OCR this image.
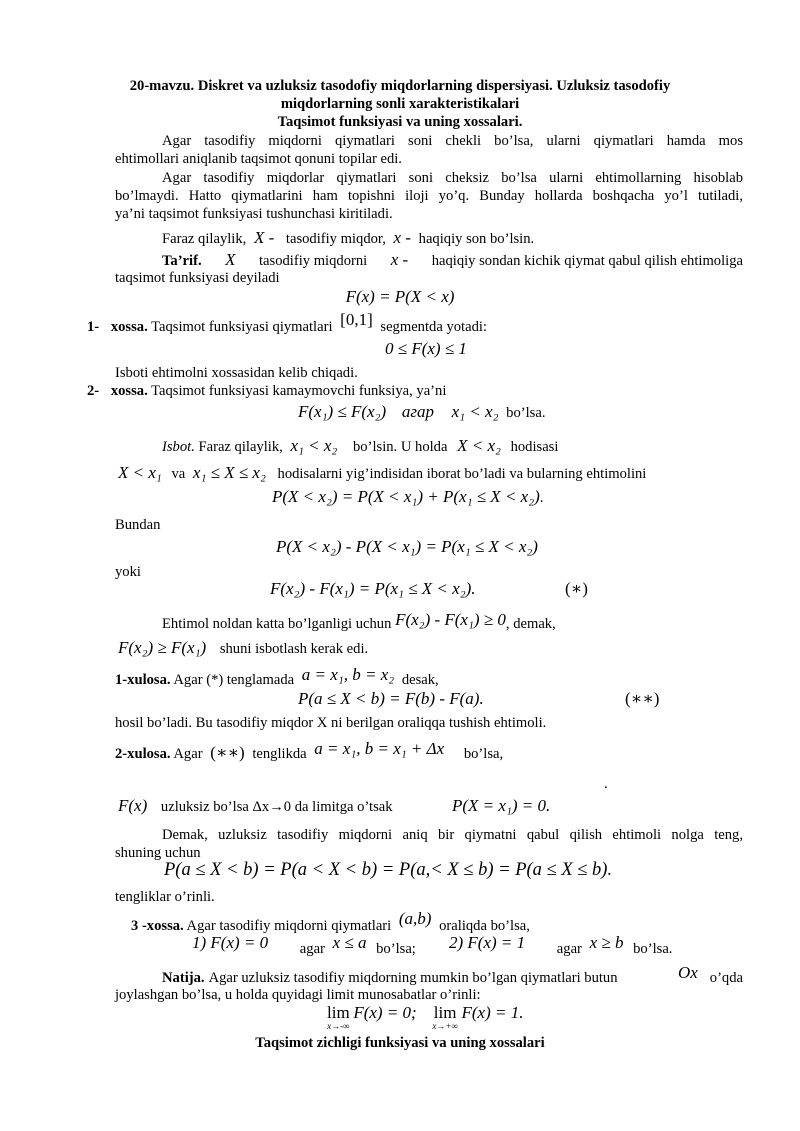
20-mavzu. Diskret va uzluksiz tasodofiy miqdorlarning dispersiyasi. Uzluksiz tasodofiy
miqdorlarning sonli xarakteristikalari
Taqsimot funksiyasi va uning xossalari.
Agar tasodifiy miqdorni qiymatlari soni chekli bo’lsa, ularni qiymatlari hamda mos
ehtimollari aniqlanib taqsimot qonuni topilar edi.
Agar tasodifiy miqdorlar qiymatlari soni cheksiz bo’lsa ularni ehtimollarning hisoblab
bo’lmaydi. Hatto qiymatlarini ham topishni iloji yo’q. Bunday hollarda boshqacha yo’l tutiladi,
ya’ni taqsimot funksiyasi tushunchasi kiritiladi.
Faraz qilaylik, X - tasodifiy miqdor, x - haqiqiy son bo’lsin.
Ta’rif. X tasodifiy miqdorni x - haqiqiy sondan kichik qiymat qabul qilish ehtimoliga
taqsimot funksiyasi deyiladi
F(x) = P(X < x)
1- xossa. Taqsimot funksiyasi qiymatlari [0,1] segmentda yotadi:
0 ≤ F(x) ≤ 1
Isboti ehtimolni xossasidan kelib chiqadi.
2- xossa. Taqsimot funksiyasi kamaymovchi funksiya, ya’ni
F(x₁) ≤ F(x₂) агар x₁ < x₂ bo’lsa.
Isbot. Faraz qilaylik, x₁ < x₂ bo’lsin. U holda X < x₂ hodisasi
X < x₁ va x₁ ≤ X ≤ x₂ hodisalarni yig’indisidan iborat bo’ladi va bularning ehtimolini
P(X < x₂) = P(X < x₁) + P(x₁ ≤ X < x₂).
Bundan
P(X < x₂) - P(X < x₁) = P(x₁ ≤ X < x₂)
yoki
F(x₂) - F(x₁) = P(x₁ ≤ X < x₂).	(∗)
Ehtimol noldan katta bo’lganligi uchun F(x₂) - F(x₁) ≥ 0, demak,
F(x₂) ≥ F(x₁) shuni isbotlash kerak edi.
1-xulosa. Agar (*) tenglamada a = x₁, b = x₂ desak,
P(a ≤ X < b) = F(b) - F(a).	(∗∗)
hosil bo’ladi. Bu tasodifiy miqdor X ni berilgan oraliqqa tushish ehtimoli.
2-xulosa. Agar (∗∗) tenglikda a = x₁, b = x₁ + Δx bo’lsa,
.
F(x) uzluksiz bo’lsa Δx→0 da limitga o’tsak	P(X = x₁) = 0.
Demak, uzluksiz tasodifiy miqdorni aniq bir qiymatni qabul qilish ehtimoli nolga teng,
shuning uchun
P(a ≤ X < b) = P(a < X < b) = P(a,< X ≤ b) = P(a ≤ X ≤ b).
tengliklar o’rinli.
3 -xossa. Agar tasodifiy miqdorni qiymatlari (a,b) oraliqda bo’lsa,
1) F(x) = 0 agar x ≤ a bo’lsa; 2) F(x) = 1 agar x ≥ b bo’lsa.
Natija. Agar uzluksiz tasodifiy miqdorning mumkin bo’lgan qiymatlari butun	Ox o’qda
joylashgan bo’lsa, u holda quyidagi limit munosabatlar o’rinli:
lim
x→-∞
F(x) = 0; lim
x→+∞
F(x) = 1.
Taqsimot zichligi funksiyasi va uning xossalari
